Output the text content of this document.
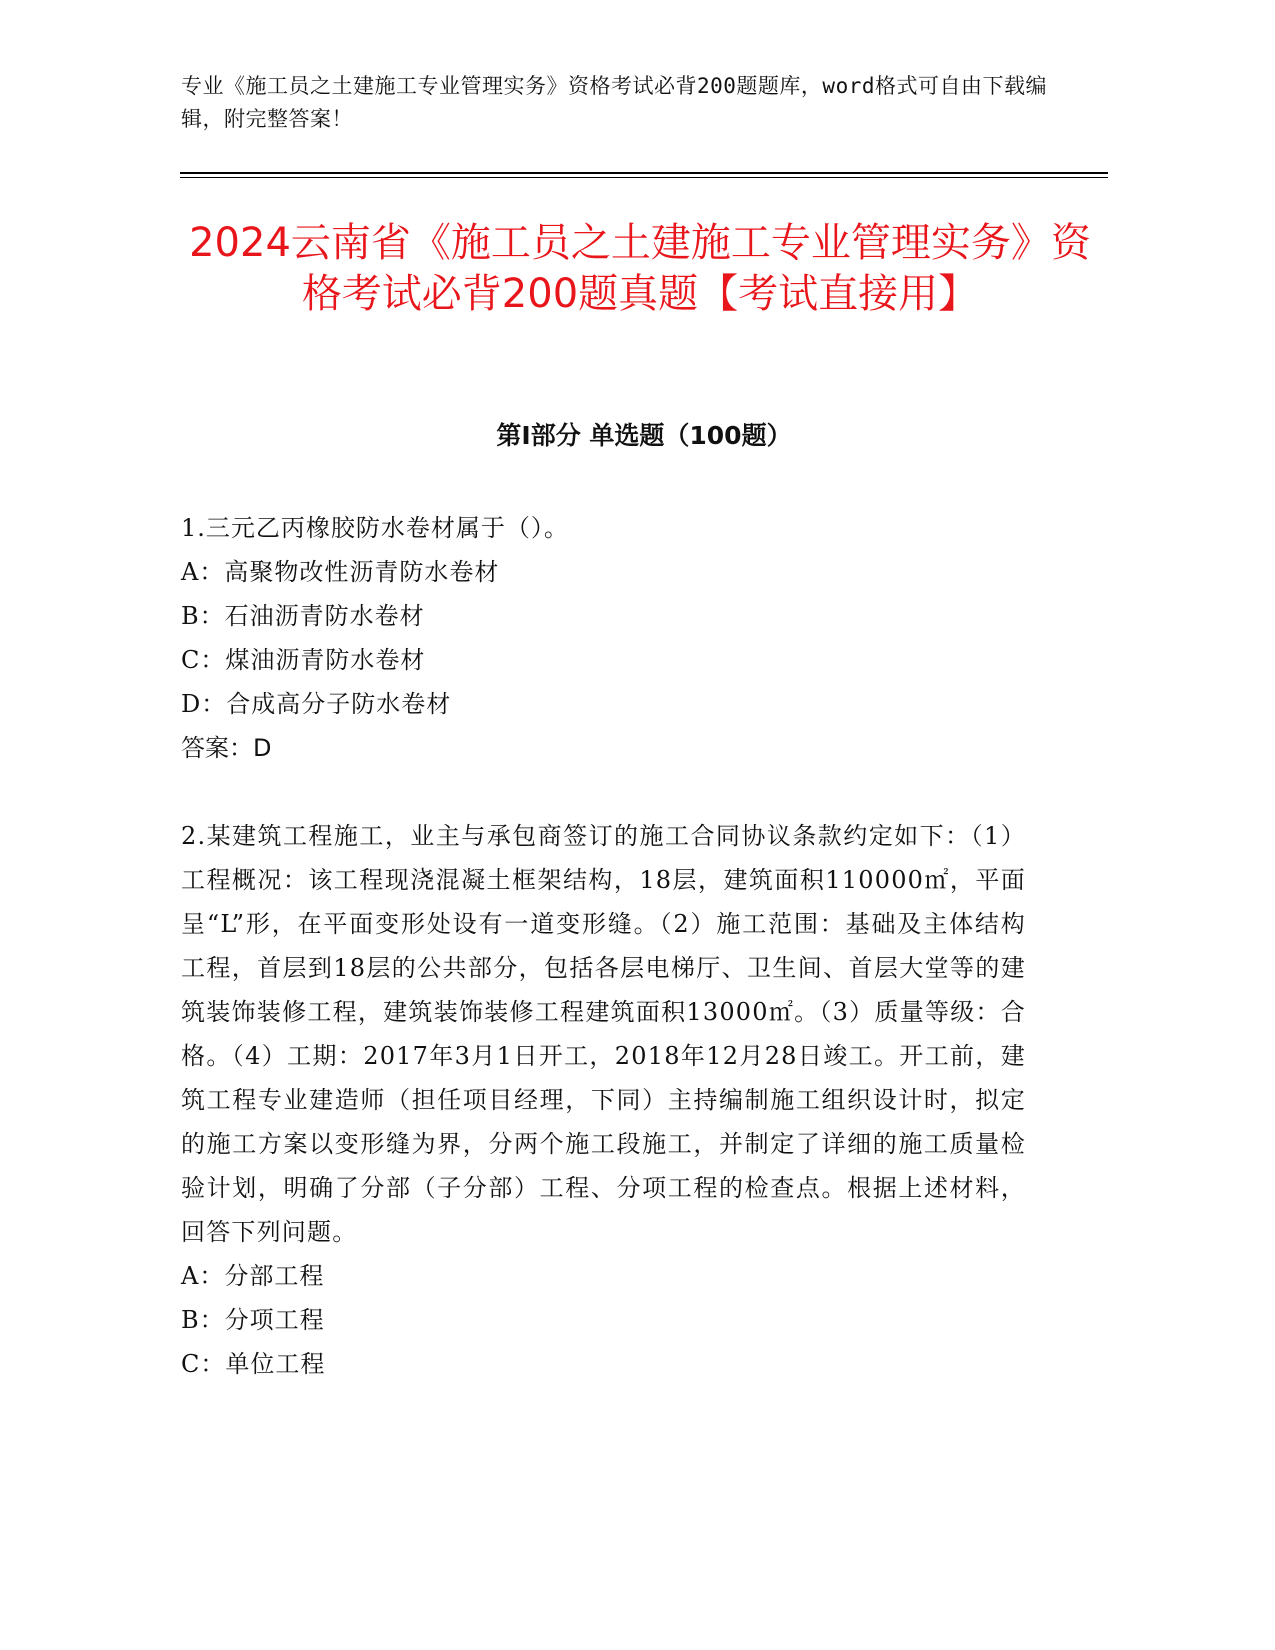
专业《施工员之土建施工专业管理实务》资格考试必背200题题库，word格式可自由下载编辑，附完整答案！
2024云南省《施工员之土建施工专业管理实务》资格考试必背200题真题【考试直接用】
第Ⅰ部分 单选题（100题）

1.三元乙丙橡胶防水卷材属于（）。

A：高聚物改性沥青防水卷材

B：石油沥青防水卷材

C：煤油沥青防水卷材

D：合成高分子防水卷材

答案：D

2.某建筑工程施工，业主与承包商签订的施工合同协议条款约定如下：（1）工程概况：该工程现浇混凝土框架结构，18层，建筑面积110000㎡，平面呈“L”形，在平面变形处设有一道变形缝。（2）施工范围：基础及主体结构工程，首层到18层的公共部分，包括各层电梯厅、卫生间、首层大堂等的建筑装饰装修工程，建筑装饰装修工程建筑面积13000㎡。（3）质量等级：合格。（4）工期：2017年3月1日开工，2018年12月28日竣工。开工前，建筑工程专业建造师（担任项目经理，下同）主持编制施工组织设计时，拟定的施工方案以变形缝为界，分两个施工段施工，并制定了详细的施工质量检验计划，明确了分部（子分部）工程、分项工程的检查点。根据上述材料，回答下列问题。

A：分部工程

B：分项工程

C：单位工程
